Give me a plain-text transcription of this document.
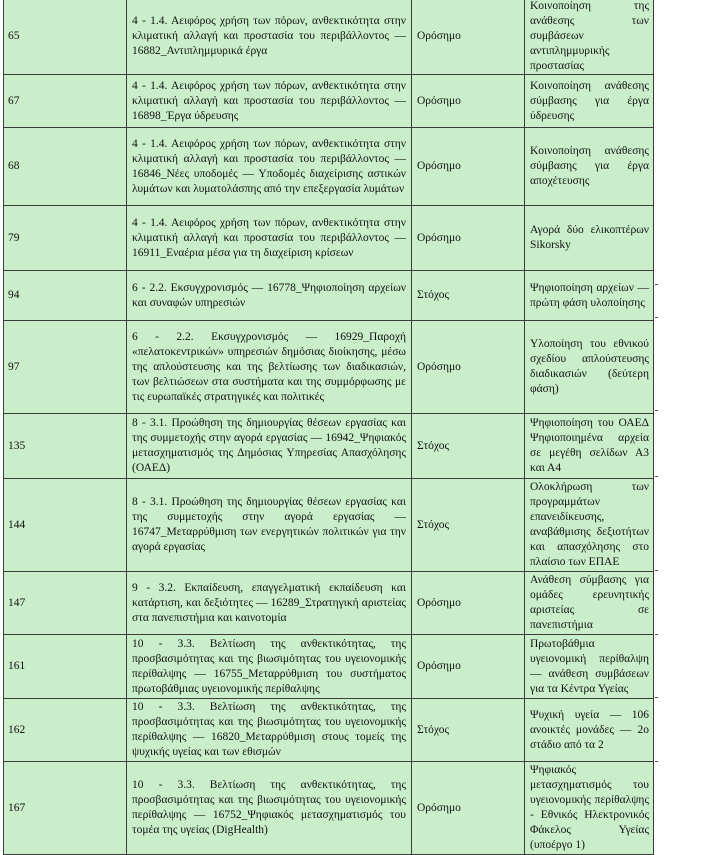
65	4 - 1.4. Αειφόρος χρήση των πόρων, ανθεκτικότητα στην κλιματική αλλαγή και προστασία του περιβάλλοντος — 16882_Αντιπλημμυρικά έργα	Ορόσημο	Κοινοποίηση της ανάθεσης των συμβάσεων αντιπλημμυρικής προστασίας
67	4 - 1.4. Αειφόρος χρήση των πόρων, ανθεκτικότητα στην κλιματική αλλαγή και προστασία του περιβάλλοντος — 16898_Έργα ύδρευσης	Ορόσημο	Κοινοποίηση ανάθεσης σύμβασης για έργα ύδρευσης
68	4 - 1.4. Αειφόρος χρήση των πόρων, ανθεκτικότητα στην κλιματική αλλαγή και προστασία του περιβάλλοντος — 16846_Νέες υποδομές — Υποδομές διαχείρισης αστικών λυμάτων και λυματολάσπης από την επεξεργασία λυμάτων	Ορόσημο	Κοινοποίηση ανάθεσης σύμβασης για έργα αποχέτευσης
79	4 - 1.4. Αειφόρος χρήση των πόρων, ανθεκτικότητα στην κλιματική αλλαγή και προστασία του περιβάλλοντος — 16911_Εναέρια μέσα για τη διαχείριση κρίσεων	Ορόσημο	Αγορά δύο ελικοπτέρων Sikorsky
94	6 - 2.2. Εκσυγχρονισμός — 16778_Ψηφιοποίηση αρχείων και συναφών υπηρεσιών	Στόχος	Ψηφιοποίηση αρχείων — πρώτη φάση υλοποίησης
97	6 - 2.2. Εκσυγχρονισμός — 16929_Παροχή «πελατοκεντρικών» υπηρεσιών δημόσιας διοίκησης, μέσω της απλούστευσης και της βελτίωσης των διαδικασιών, των βελτιώσεων στα συστήματα και της συμμόρφωσης με τις ευρωπαϊκές στρατηγικές και πολιτικές	Ορόσημο	Υλοποίηση του εθνικού σχεδίου απλούστευσης διαδικασιών (δεύτερη φάση)
135	8 - 3.1. Προώθηση της δημιουργίας θέσεων εργασίας και της συμμετοχής στην αγορά εργασίας — 16942_Ψηφιακός μετασχηματισμός της Δημόσιας Υπηρεσίας Απασχόλησης (ΟΑΕΔ)	Στόχος	Ψηφιοποίηση του ΟΑΕΔ Ψηφιοποιημένα αρχεία σε μεγέθη σελίδων Α3 και Α4
144	8 - 3.1. Προώθηση της δημιουργίας θέσεων εργασίας και της συμμετοχής στην αγορά εργασίας — 16747_Μεταρρύθμιση των ενεργητικών πολιτικών για την αγορά εργασίας	Στόχος	Ολοκλήρωση των προγραμμάτων επανειδίκευσης, αναβάθμισης δεξιοτήτων και απασχόλησης στο πλαίσιο των ΕΠΑΕ
147	9 - 3.2. Εκπαίδευση, επαγγελματική εκπαίδευση και κατάρτιση, και δεξιότητες — 16289_Στρατηγική αριστείας στα πανεπιστήμια και καινοτομία	Ορόσημο	Ανάθεση σύμβασης για ομάδες ερευνητικής αριστείας σε πανεπιστήμια
161	10 - 3.3. Βελτίωση της ανθεκτικότητας, της προσβασιμότητας και της βιωσιμότητας του υγειονομικής περίθαλψης — 16755_Μεταρρύθμιση του συστήματος πρωτοβάθμιας υγειονομικής περίθαλψης	Ορόσημο	Πρωτοβάθμια υγειονομική περίθαλψη — ανάθεση συμβάσεων για τα Κέντρα Υγείας
162	10 - 3.3. Βελτίωση της ανθεκτικότητας, της προσβασιμότητας και της βιωσιμότητας του υγειονομικής περίθαλψης — 16820_Μεταρρύθμιση στους τομείς της ψυχικής υγείας και των εθισμών	Στόχος	Ψυχική υγεία — 106 ανοικτές μονάδες — 2ο στάδιο από τα 2
167	10 - 3.3. Βελτίωση της ανθεκτικότητας, της προσβασιμότητας και της βιωσιμότητας του υγειονομικής περίθαλψης — 16752_Ψηφιακός μετασχηματισμός του τομέα της υγείας (DigHealth)	Ορόσημο	Ψηφιακός μετασχηματισμός του υγειονομικής περίθαλψης - Εθνικός Ηλεκτρονικός Φάκελος Υγείας (υποέργο 1)
